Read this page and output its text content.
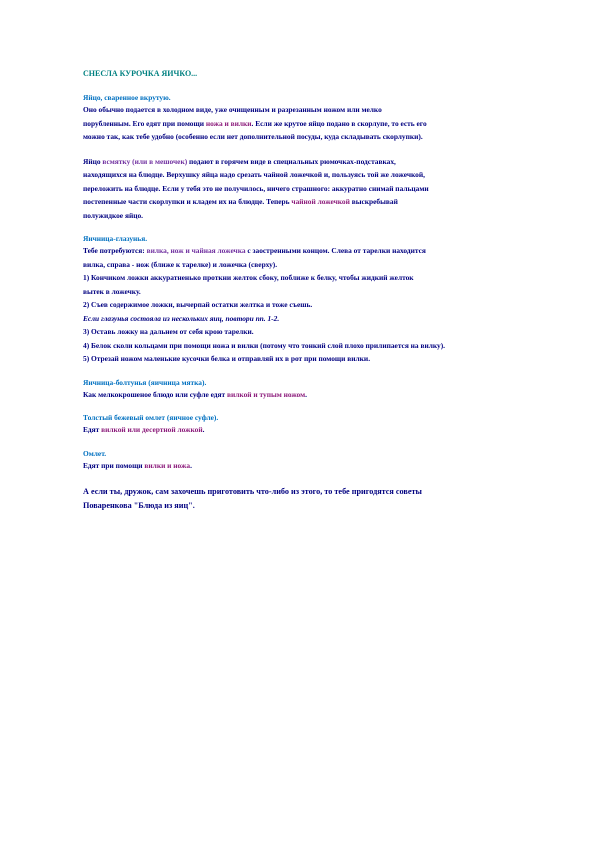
СНЕСЛА КУРОЧКА ЯИЧКО...

Яйцо, сваренное вкрутую.

Оно обычно подается в холодном виде, уже очищенным и разрезанным ножом или мелко
порубленным. Его едят при помощи ножа и вилки. Если же крутое яйцо подано в скорлупе, то есть его
можно так, как тебе удобно (особенно если нет дополнительной посуды, куда складывать скорлупки).

Яйцо всмятку (или в мешочек) подают в горячем виде в специальных рюмочках-подставках,
находящихся на блюдце. Верхушку яйца надо срезать чайной ложечкой и, пользуясь той же ложечкой,
переложить на блюдце. Если у тебя это не получилось, ничего страшного: аккуратно снимай пальцами
постепенные части скорлупки и кладем их на блюдце. Теперь чайной ложечкой выскребывай
полужидкое яйцо.

Яичница-глазунья.

Тебе потребуются: вилка, нож и чайная ложечка с заостренными концом. Слева от тарелки находится
вилка, справа - нож (ближе к тарелке) и ложечка (сверху).
1) Кончиком ложки аккуратненько проткни желток сбоку, поближе к белку, чтобы жидкий желток
вытек в ложечку.
2) Съев содержимое ложки, вычерпай остатки желтка и тоже съешь.
Если глазунья состояла из нескольких яиц, повтори пп. 1-2.
3) Оставь ложку на дальнем от себя крою тарелки.
4) Белок сколи кольцами при помощи ножа и вилки (потому что тонкий слой плохо прилипается на вилку).
5) Отрезай ножом маленькие кусочки белка и отправляй их в рот при помощи вилки.

Яичница-болтунья (яичница мятка).

Как мелкокрошеное блюдо или суфле едят вилкой и тупым ножом.

Толстый бежевый омлет (яичное суфле).

Едят вилкой или десертной ложкой.

Омлет.

Едят при помощи вилки и ножа.

А если ты, дружок, сам захочешь приготовить что-либо из этого, то тебе пригодятся советы
Поваренкова "Блюда из яиц".
